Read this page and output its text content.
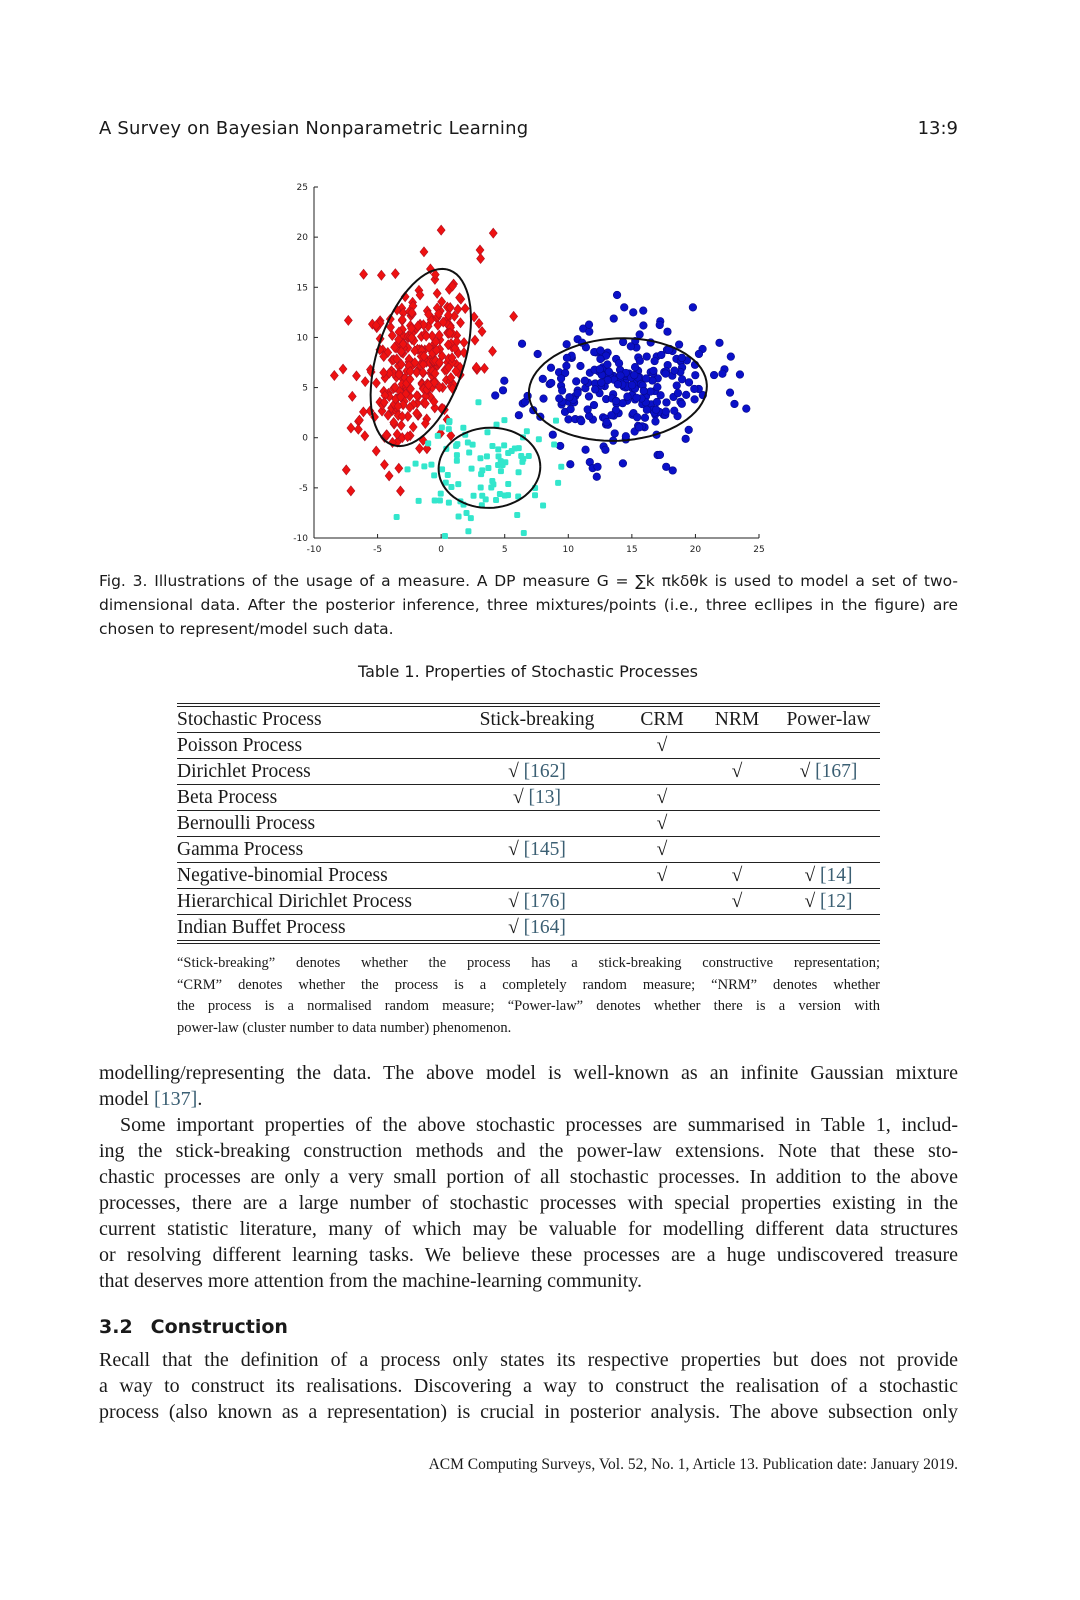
A Survey on Bayesian Nonparametric Learning	13:9
-10	-5	0	5	10	15	20	25
25
20
15
10
5
0
-5
-10
Fig. 3. Illustrations of the usage of a measure. A DP measure G = ∑k πkδθk is used to model a set of two-
dimensional data. After the posterior inference, three mixtures/points (i.e., three ecllipes in the figure) are
chosen to represent/model such data.
Table 1. Properties of Stochastic Processes
Stochastic Process	Stick-breaking	CRM	NRM	Power-law
Poisson Process		√		
Dirichlet Process	√ [162]		√	√ [167]
Beta Process	√ [13]	√		
Bernoulli Process		√		
Gamma Process	√ [145]	√		
Negative-binomial Process		√	√	√ [14]
Hierarchical Dirichlet Process	√ [176]		√	√ [12]
Indian Buffet Process	√ [164]			
“Stick-breaking” denotes whether the process has a stick-breaking constructive representation;
“CRM” denotes whether the process is a completely random measure; “NRM” denotes whether
the process is a normalised random measure; “Power-law” denotes whether there is a version with
power-law (cluster number to data number) phenomenon.
modelling/representing the data. The above model is well-known as an infinite Gaussian mixture
model [137].
Some important properties of the above stochastic processes are summarised in Table 1, includ-
ing the stick-breaking construction methods and the power-law extensions. Note that these sto-
chastic processes are only a very small portion of all stochastic processes. In addition to the above
processes, there are a large number of stochastic processes with special properties existing in the
current statistic literature, many of which may be valuable for modelling different data structures
or resolving different learning tasks. We believe these processes are a huge undiscovered treasure
that deserves more attention from the machine-learning community.
3.2 Construction
Recall that the definition of a process only states its respective properties but does not provide
a way to construct its realisations. Discovering a way to construct the realisation of a stochastic
process (also known as a representation) is crucial in posterior analysis. The above subsection only
ACM Computing Surveys, Vol. 52, No. 1, Article 13. Publication date: January 2019.
